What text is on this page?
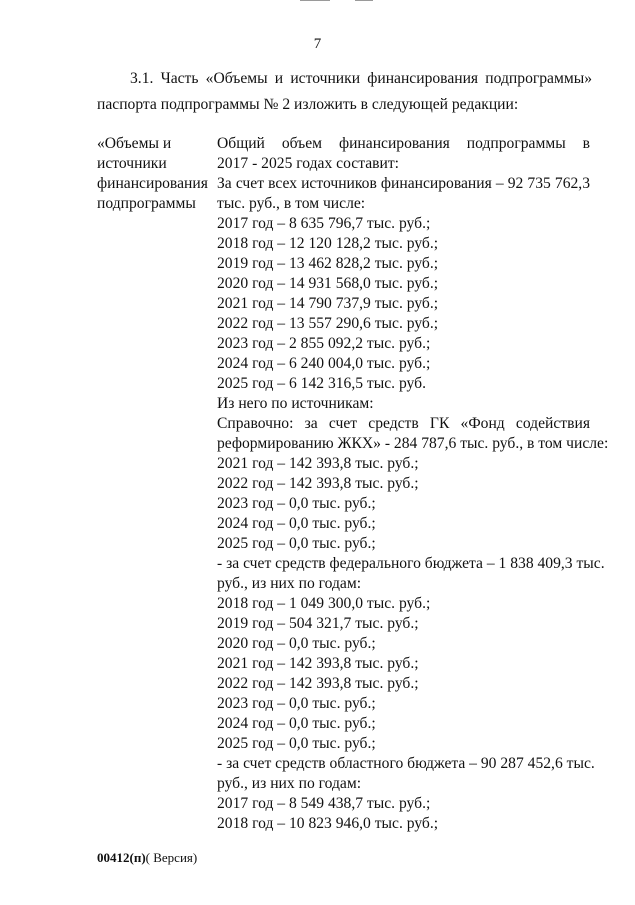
7
3.1. Часть «Объемы и источники финансирования подпрограммы»
паспорта подпрограммы № 2 изложить в следующей редакции:
«Объемы и
источники
финансирования
подпрограммы
Общий объем финансирования подпрограммы в
2017 - 2025 годах составит:
За счет всех источников финансирования – 92 735 762,3
тыс. руб., в том числе:
2017 год – 8 635 796,7 тыс. руб.;
2018 год – 12 120 128,2 тыс. руб.;
2019 год – 13 462 828,2 тыс. руб.;
2020 год – 14 931 568,0 тыс. руб.;
2021 год – 14 790 737,9 тыс. руб.;
2022 год – 13 557 290,6 тыс. руб.;
2023 год – 2 855 092,2 тыс. руб.;
2024 год – 6 240 004,0 тыс. руб.;
2025 год – 6 142 316,5 тыс. руб.
Из него по источникам:
Справочно: за счет средств ГК «Фонд содействия
реформированию ЖКХ» - 284 787,6 тыс. руб., в том числе:
2021 год – 142 393,8 тыс. руб.;
2022 год – 142 393,8 тыс. руб.;
2023 год – 0,0 тыс. руб.;
2024 год – 0,0 тыс. руб.;
2025 год – 0,0 тыс. руб.;
- за счет средств федерального бюджета – 1 838 409,3 тыс.
руб., из них по годам:
2018 год – 1 049 300,0 тыс. руб.;
2019 год – 504 321,7 тыс. руб.;
2020 год – 0,0 тыс. руб.;
2021 год – 142 393,8 тыс. руб.;
2022 год – 142 393,8 тыс. руб.;
2023 год – 0,0 тыс. руб.;
2024 год – 0,0 тыс. руб.;
2025 год – 0,0 тыс. руб.;
- за счет средств областного бюджета – 90 287 452,6 тыс.
руб., из них по годам:
2017 год – 8 549 438,7 тыс. руб.;
2018 год – 10 823 946,0 тыс. руб.;
00412(п)( Версия)
